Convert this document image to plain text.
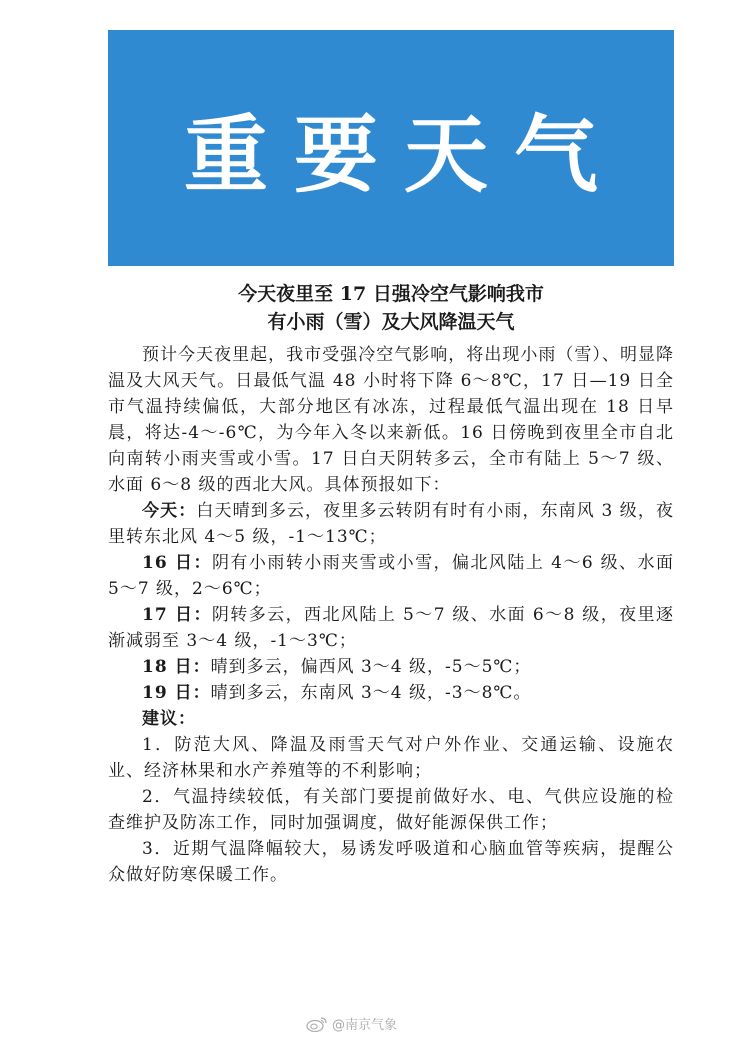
重要天气
今天夜里至 17 日强冷空气影响我市
有小雨（雪）及大风降温天气

预计今天夜里起，我市受强冷空气影响，将出现小雨（雪）、明显降温及大风天气。日最低气温 48 小时将下降 6～8℃，17 日—19 日全市气温持续偏低，大部分地区有冰冻，过程最低气温出现在 18 日早晨，将达-4～-6℃，为今年入冬以来新低。16 日傍晚到夜里全市自北向南转小雨夹雪或小雪。17 日白天阴转多云，全市有陆上 5～7 级、水面 6～8 级的西北大风。具体预报如下：

今天：白天晴到多云，夜里多云转阴有时有小雨，东南风 3 级，夜里转东北风 4～5 级，-1～13℃；

16 日：阴有小雨转小雨夹雪或小雪，偏北风陆上 4～6 级、水面 5～7 级，2～6℃；

17 日：阴转多云，西北风陆上 5～7 级、水面 6～8 级，夜里逐渐减弱至 3～4 级，-1～3℃；

18 日：晴到多云，偏西风 3～4 级，-5～5℃；

19 日：晴到多云，东南风 3～4 级，-3～8℃。

建议：

1．防范大风、降温及雨雪天气对户外作业、交通运输、设施农业、经济林果和水产养殖等的不利影响；

2．气温持续较低，有关部门要提前做好水、电、气供应设施的检查维护及防冻工作，同时加强调度，做好能源保供工作；

3．近期气温降幅较大，易诱发呼吸道和心脑血管等疾病，提醒公众做好防寒保暖工作。

@南京气象
